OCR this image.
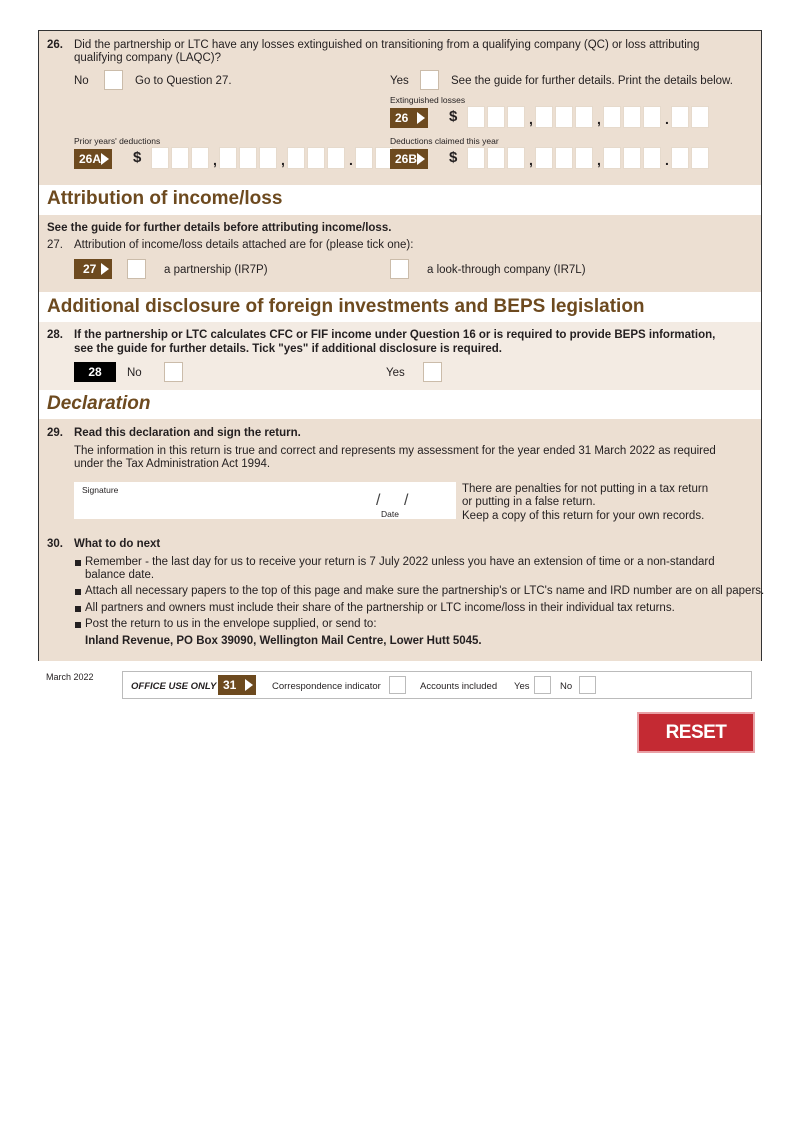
26. Did the partnership or LTC have any losses extinguished on transitioning from a qualifying company (QC) or loss attributing
qualifying company (LAQC)?
No	Go to Question 27.	Yes	See the guide for further details. Print the details below.
Extinguished losses
26	$	,	,	.
Prior years' deductions
26A	$	,	,	.
Deductions claimed this year
26B	$	,	,	.
Attribution of income/loss
See the guide for further details before attributing income/loss.
27. Attribution of income/loss details attached are for (please tick one):
27	a partnership (IR7P)	a look-through company (IR7L)
Additional disclosure of foreign investments and BEPS legislation
28. If the partnership or LTC calculates CFC or FIF income under Question 16 or is required to provide BEPS information,
see the guide for further details. Tick "yes" if additional disclosure is required.
28	No	Yes
Declaration
29. Read this declaration and sign the return.
The information in this return is true and correct and represents my assessment for the year ended 31 March 2022 as required
under the Tax Administration Act 1994.
Signature
/ /
Date
There are penalties for not putting in a tax return
or putting in a false return.
Keep a copy of this return for your own records.
30. What to do next
Remember - the last day for us to receive your return is 7 July 2022 unless you have an extension of time or a non-standard
balance date.
Attach all necessary papers to the top of this page and make sure the partnership's or LTC's name and IRD number are on all papers.
All partners and owners must include their share of the partnership or LTC income/loss in their individual tax returns.
Post the return to us in the envelope supplied, or send to:
Inland Revenue, PO Box 39090, Wellington Mail Centre, Lower Hutt 5045.
March 2022
OFFICE USE ONLY 31	Correspondence indicator	Accounts included Yes	No
RESET FORM
